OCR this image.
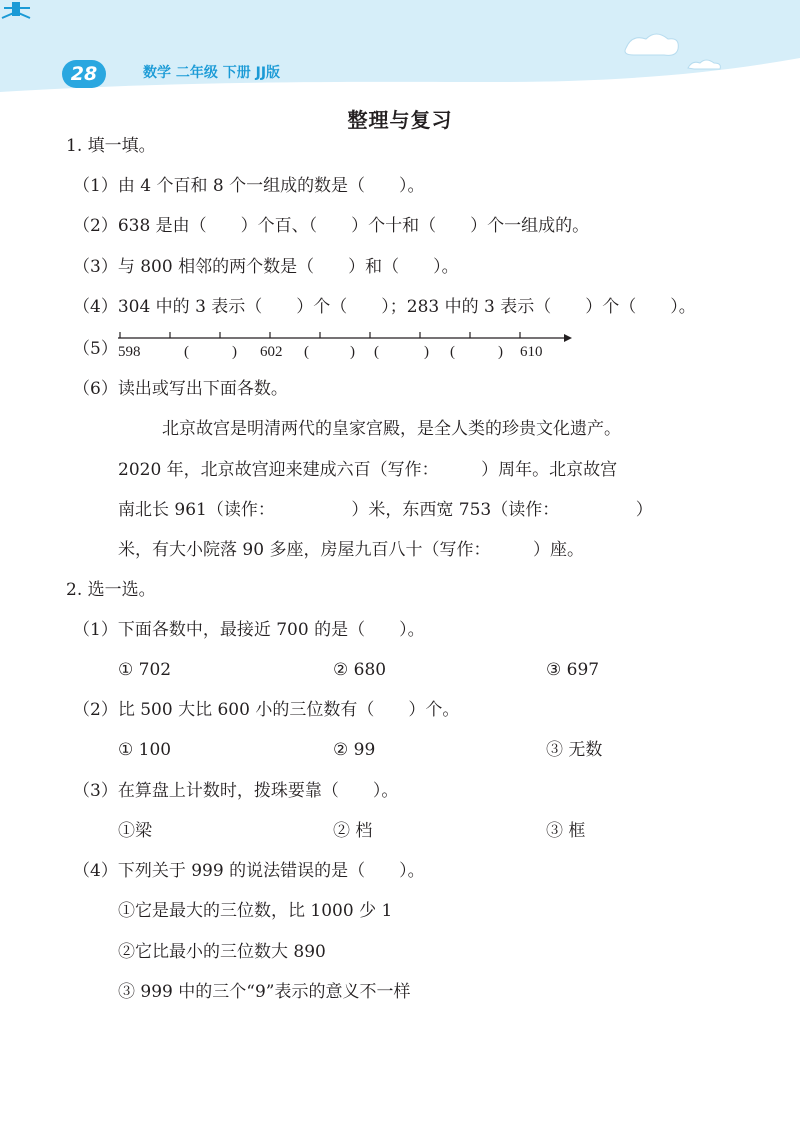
28	数学 二年级 下册 JJ版
整理与复习
1. 填一填。
（1）由 4 个百和 8 个一组成的数是（　　）。
（2）638 是由（　　）个百、（　　）个十和（　　）个一组成的。
（3）与 800 相邻的两个数是（　　）和（　　）。
（4）304 中的 3 表示（　　）个（　　）；283 中的 3 表示（　　）个（　　）。
（5） 598	(	) 602 (	) (	) (	) 610
（6）读出或写出下面各数。
北京故宫是明清两代的皇家宫殿，是全人类的珍贵文化遗产。
2020 年，北京故宫迎来建成六百（写作：　　　）周年。北京故宫
南北长 961（读作：　　　　　）米，东西宽 753（读作：　　　　　）
米，有大小院落 90 多座，房屋九百八十（写作：　　　）座。
2. 选一选。
（1）下面各数中，最接近 700 的是（　　）。
① 702	② 680	③ 697
（2）比 500 大比 600 小的三位数有（　　）个。
① 100	② 99	③ 无数
（3）在算盘上计数时，拨珠要靠（　　）。
①梁	② 档	③ 框
（4）下列关于 999 的说法错误的是（　　）。
①它是最大的三位数，比 1000 少 1
②它比最小的三位数大 890
③ 999 中的三个“9”表示的意义不一样
